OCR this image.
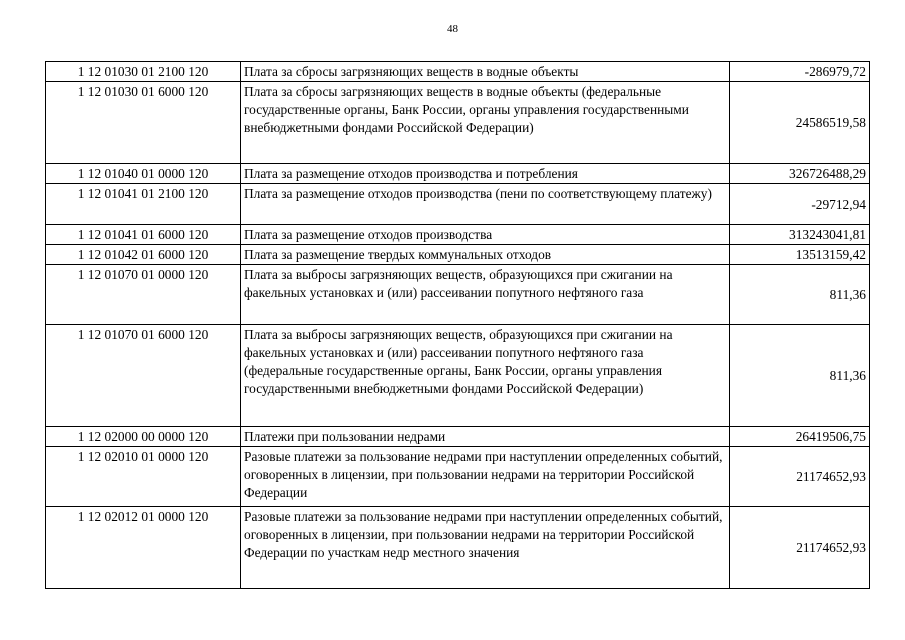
48
1 12 01030 01 2100 120	Плата за сбросы загрязняющих веществ в водные объекты	-286979,72
1 12 01030 01 6000 120	Плата за сбросы загрязняющих веществ в водные объекты (федеральные государственные органы, Банк России, органы управления государственными внебюджетными фондами Российской Федерации)	24586519,58
1 12 01040 01 0000 120	Плата за размещение отходов производства и потребления	326726488,29
1 12 01041 01 2100 120	Плата за размещение отходов производства (пени по соответствующему платежу)	-29712,94
1 12 01041 01 6000 120	Плата за размещение отходов производства	313243041,81
1 12 01042 01 6000 120	Плата за размещение твердых коммунальных отходов	13513159,42
1 12 01070 01 0000 120	Плата за выбросы загрязняющих веществ, образующихся при сжигании на факельных установках и (или) рассеивании попутного нефтяного газа	811,36
1 12 01070 01 6000 120	Плата за выбросы загрязняющих веществ, образующихся при сжигании на факельных установках и (или) рассеивании попутного нефтяного газа (федеральные государственные органы, Банк России, органы управления государственными внебюджетными фондами Российской Федерации)	811,36
1 12 02000 00 0000 120	Платежи при пользовании недрами	26419506,75
1 12 02010 01 0000 120	Разовые платежи за пользование недрами при наступлении определенных событий, оговоренных в лицензии, при пользовании недрами на территории Российской Федерации	21174652,93
1 12 02012 01 0000 120	Разовые платежи за пользование недрами при наступлении определенных событий, оговоренных в лицензии, при пользовании недрами на территории Российской Федерации по участкам недр местного значения	21174652,93
